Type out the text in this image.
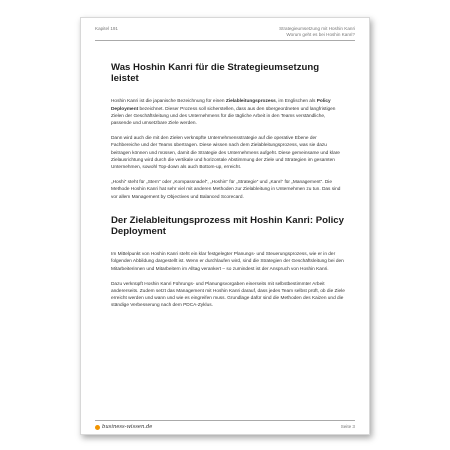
Kapitel 191	Strategieumsetzung mit Hoshin Kanri
Worum geht es bei Hoshin Kanri?
Was Hoshin Kanri für die Strategieumsetzung leistet

Hoshin Kanri ist die japanische Bezeichnung für einen Zielableitungsprozess, im Englischen als Policy Deployment bezeichnet. Dieser Prozess soll sicherstellen, dass aus den übergeordneten und langfristigen Zielen der Geschäftsleitung und des Unternehmens für die tägliche Arbeit in den Teams verständliche, passende und umsetzbare Ziele werden.

Dann wird auch die mit den Zielen verknüpfte Unternehmensstrategie auf die operative Ebene der Fachbereiche und der Teams übertragen. Diese wissen nach dem Zielableitungsprozess, was sie dazu beitragen können und müssen, damit die Strategie des Unternehmens aufgeht. Diese gemeinsame und klare Zielausrichtung wird durch die vertikale und horizontale Abstimmung der Ziele und Strategien im gesamten Unternehmen, sowohl Top-down als auch Bottom-up, erreicht.

„Hoshi“ steht für „Stern“ oder „Kompassnadel“, „Hoshin“ für „Strategie“ und „Kanri“ für „Management“. Die Methode Hoshin Kanri hat sehr viel mit anderen Methoden zur Zielableitung in Unternehmen zu tun. Das sind vor allem Management by Objectives und Balanced Scorecard.

Der Zielableitungsprozess mit Hoshin Kanri: Policy Deployment

Im Mittelpunkt von Hoshin Kanri steht ein klar festgelegter Planungs- und Steuerungsprozess, wie er in der folgenden Abbildung dargestellt ist. Wenn er durchlaufen wird, sind die Strategien der Geschäftsleitung bei den Mitarbeiterinnen und Mitarbeitern im Alltag verankert – so zumindest ist der Anspruch von Hoshin Kanri.

Dazu verknüpft Hoshin Kanri Führungs- und Planungsvorgaben einerseits mit selbstbestimmter Arbeit andererseits. Zudem setzt das Management mit Hoshin Kanri darauf, dass jedes Team selbst prüft, ob die Ziele erreicht werden und wann und wie es eingreifen muss. Grundlage dafür sind die Methoden des Kaizen und die ständige Verbesserung nach dem PDCA-Zyklus.

business-wissen.de	Seite 3
